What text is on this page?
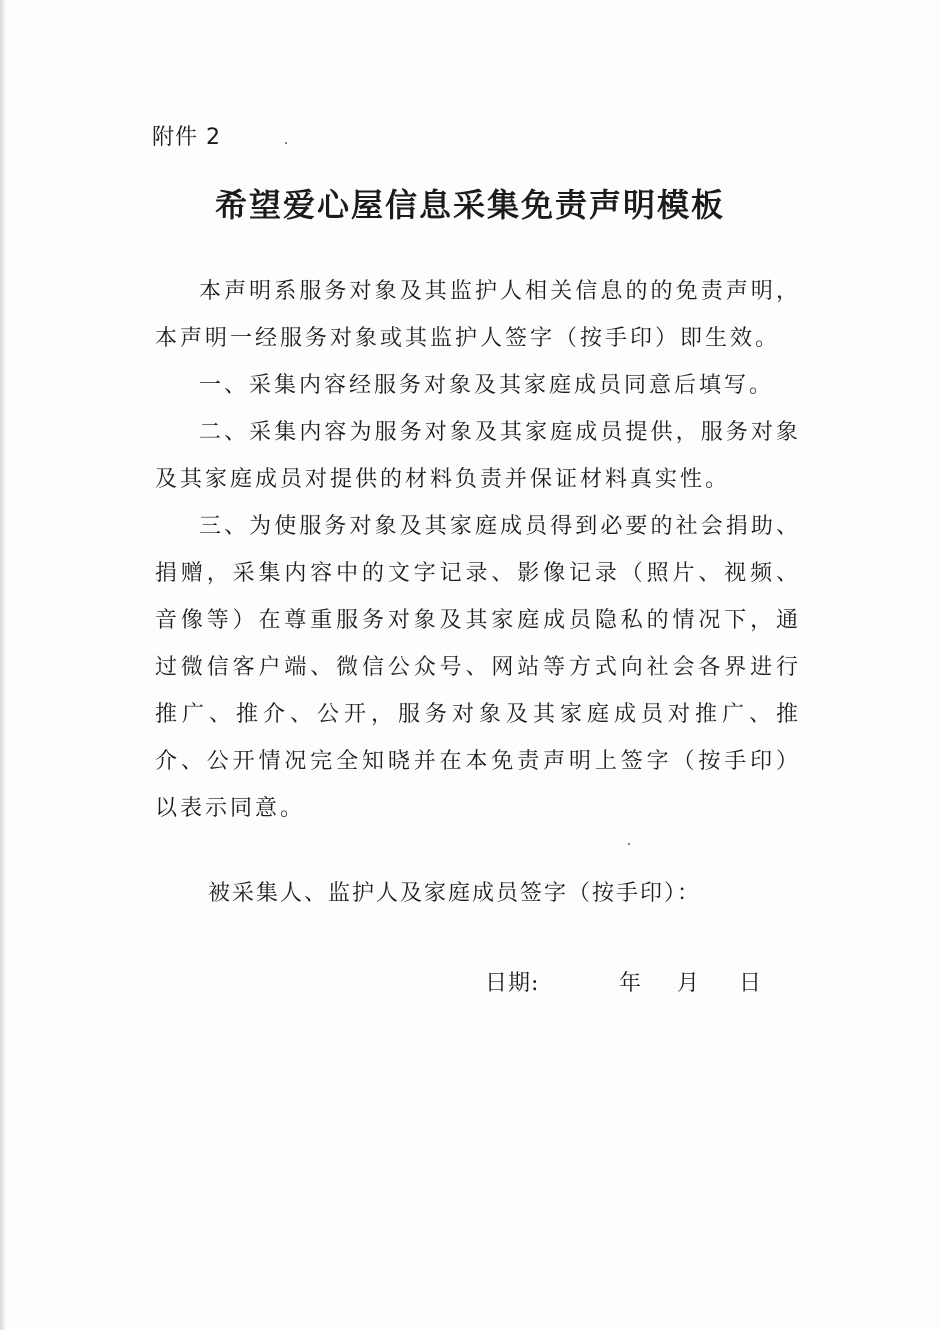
附件 2
希望爱心屋信息采集免责声明模板

本声明系服务对象及其监护人相关信息的的免责声明，本声明一经服务对象或其监护人签字（按手印）即生效。

一、采集内容经服务对象及其家庭成员同意后填写。

二、采集内容为服务对象及其家庭成员提供，服务对象及其家庭成员对提供的材料负责并保证材料真实性。

三、为使服务对象及其家庭成员得到必要的社会捐助、捐赠，采集内容中的文字记录、影像记录（照片、视频、音像等）在尊重服务对象及其家庭成员隐私的情况下，通过微信客户端、微信公众号、网站等方式向社会各界进行推广、推介、公开，服务对象及其家庭成员对推广、推介、公开情况完全知晓并在本免责声明上签字（按手印）以表示同意。

被采集人、监护人及家庭成员签字（按手印）：
日期:	年 月 日
